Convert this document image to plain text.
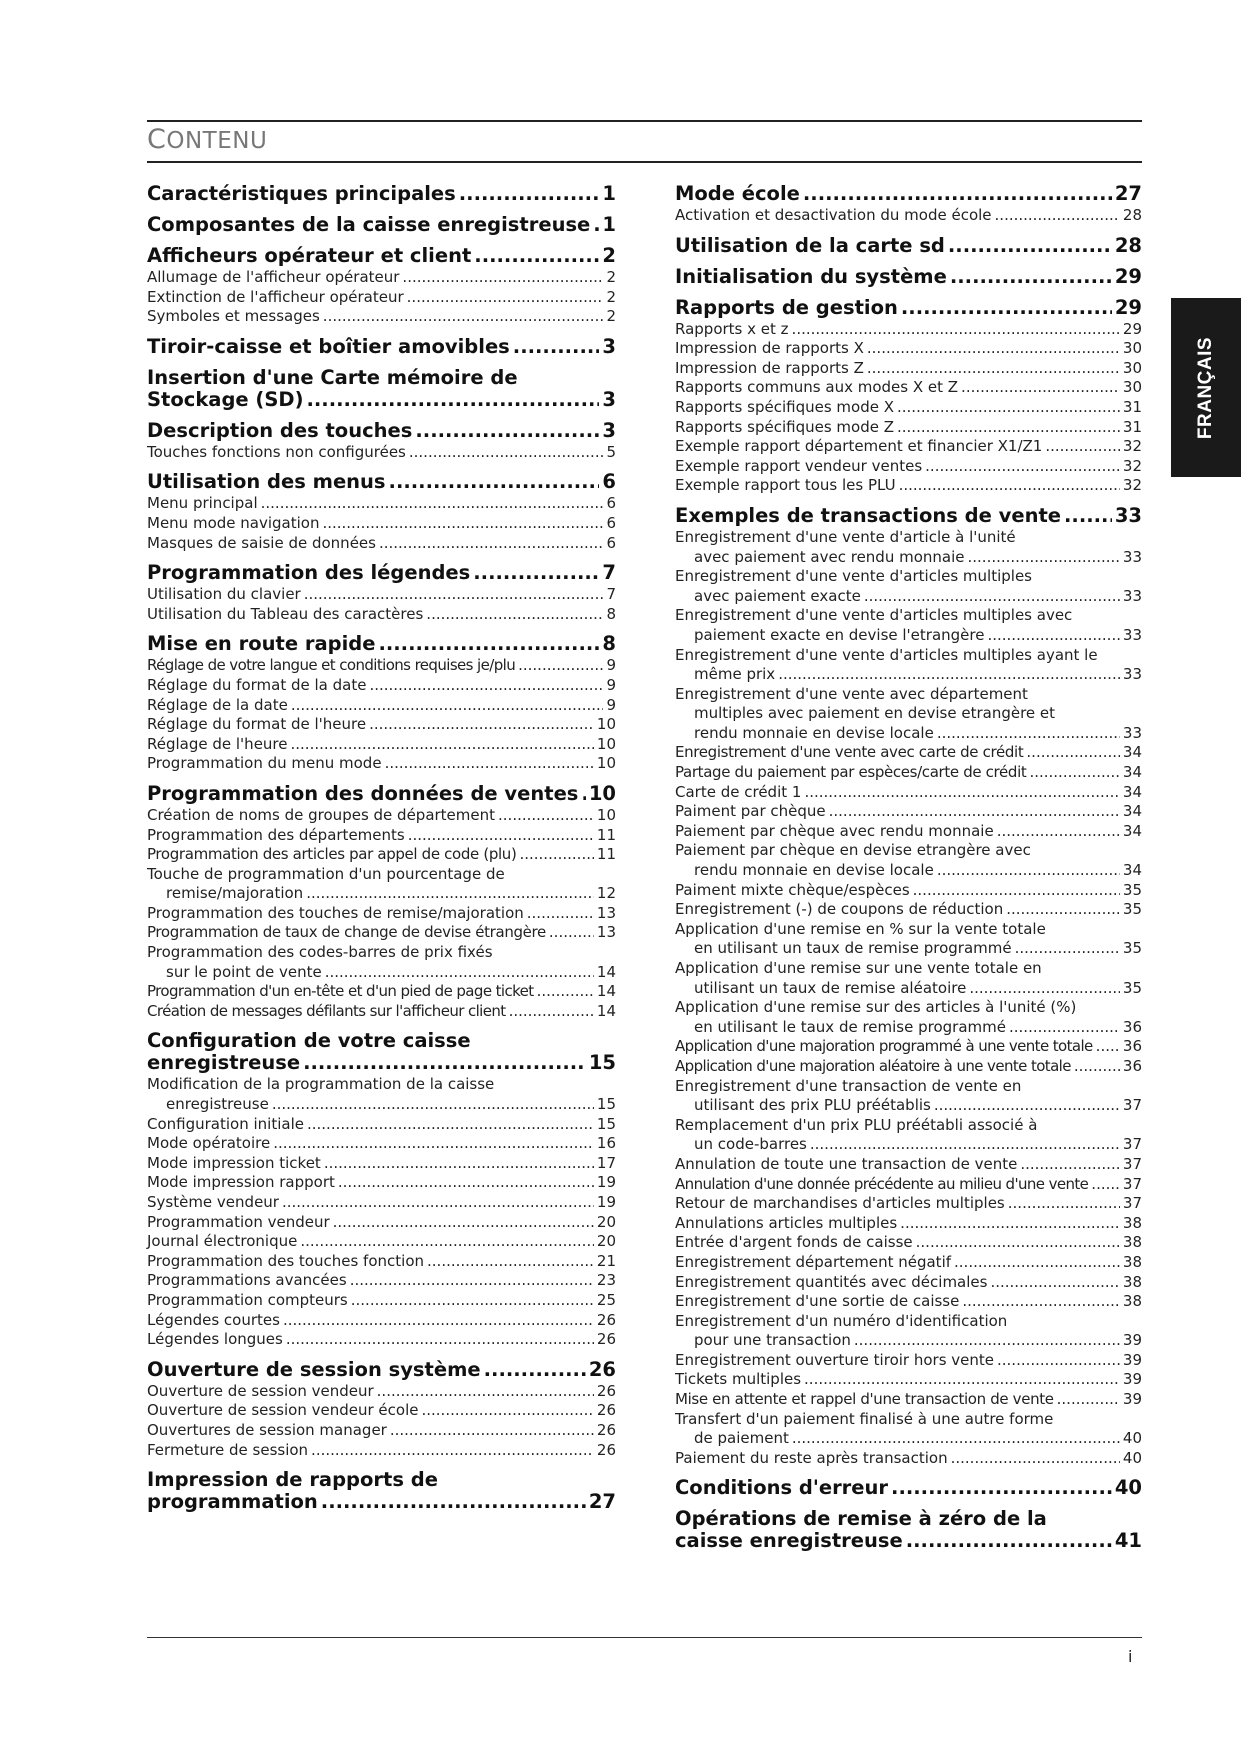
CONTENU
FRANÇAIS
Caractéristiques principales .....	1
Composantes de la caisse enregistreuse ..... 1
Afficheurs opérateur et client .....	2
Allumage de l'afficheur opérateur .....	2
Extinction de l'afficheur opérateur .....	2
Symboles et messages .....	2
Tiroir-caisse et boîtier amovibles .....	3
Insertion d'une Carte mémoire de
Stockage (SD) .....	3
Description des touches .....	3
Touches fonctions non configurées .....	5
Utilisation des menus .....	6
Menu principal .....	6
Menu mode navigation .....	6
Masques de saisie de données .....	6
Programmation des légendes .....	7
Utilisation du clavier .....	7
Utilisation du Tableau des caractères .....	8
Mise en route rapide .....	8
Réglage de votre langue et conditions requises je/plu .....	9
Réglage du format de la date .....	9
Réglage de la date .....	9
Réglage du format de l'heure .....	10
Réglage de l'heure .....	10
Programmation du menu mode .....	10
Programmation des données de ventes ..... 10
Création de noms de groupes de département .....	10
Programmation des départements .....	11
Programmation des articles par appel de code (plu) .....	11
Touche de programmation d'un pourcentage de
remise/majoration .....	12
Programmation des touches de remise/majoration .....	13
Programmation de taux de change de devise étrangère .....	13
Programmation des codes-barres de prix fixés
sur le point de vente .....	14
Programmation d'un en-tête et d'un pied de page ticket .....	14
Création de messages défilants sur l'afficheur client .....	14
Configuration de votre caisse
enregistreuse .....	15
Modification de la programmation de la caisse
enregistreuse .....	15
Configuration initiale .....	15
Mode opératoire .....	16
Mode impression ticket .....	17
Mode impression rapport .....	19
Système vendeur .....	19
Programmation vendeur .....	20
Journal électronique .....	20
Programmation des touches fonction .....	21
Programmations avancées .....	23
Programmation compteurs .....	25
Légendes courtes .....	26
Légendes longues .....	26
Ouverture de session système .....	26
Ouverture de session vendeur .....	26
Ouverture de session vendeur école .....	26
Ouvertures de session manager .....	26
Fermeture de session .....	26
Impression de rapports de
programmation .....	27
Mode école .....	27
Activation et desactivation du mode école .....	28
Utilisation de la carte sd .....	28
Initialisation du système .....	29
Rapports de gestion .....	29
Rapports x et z .....	29
Impression de rapports X .....	30
Impression de rapports Z .....	30
Rapports communs aux modes X et Z .....	30
Rapports spécifiques mode X .....	31
Rapports spécifiques mode Z .....	31
Exemple rapport département et financier X1/Z1 .....	32
Exemple rapport vendeur ventes .....	32
Exemple rapport tous les PLU .....	32
Exemples de transactions de vente .....	33
Enregistrement d'une vente d'article à l'unité
avec paiement avec rendu monnaie .....	33
Enregistrement d'une vente d'articles multiples
avec paiement exacte .....	33
Enregistrement d'une vente d'articles multiples avec
paiement exacte en devise l'etrangère .....	33
Enregistrement d'une vente d'articles multiples ayant le
même prix .....	33
Enregistrement d'une vente avec département
multiples avec paiement en devise etrangère et
rendu monnaie en devise locale .....	33
Enregistrement d'une vente avec carte de crédit .....	34
Partage du paiement par espèces/carte de crédit .....	34
Carte de crédit 1 .....	34
Paiment par chèque .....	34
Paiement par chèque avec rendu monnaie .....	34
Paiement par chèque en devise etrangère avec
rendu monnaie en devise locale .....	34
Paiment mixte chèque/espèces .....	35
Enregistrement (-) de coupons de réduction .....	35
Application d'une remise en % sur la vente totale
en utilisant un taux de remise programmé .....	35
Application d'une remise sur une vente totale en
utilisant un taux de remise aléatoire .....	35
Application d'une remise sur des articles à l'unité (%)
en utilisant le taux de remise programmé .....	36
Application d'une majoration programmé à une vente totale ..... 36
Application d'une majoration aléatoire à une vente totale .....	36
Enregistrement d'une transaction de vente en
utilisant des prix PLU préétablis .....	37
Remplacement d'un prix PLU préétabli associé à
un code-barres .....	37
Annulation de toute une transaction de vente .....	37
Annulation d'une donnée précédente au milieu d'une vente ..... 37
Retour de marchandises d'articles multiples .....	37
Annulations articles multiples .....	38
Entrée d'argent fonds de caisse .....	38
Enregistrement département négatif .....	38
Enregistrement quantités avec décimales .....	38
Enregistrement d'une sortie de caisse .....	38
Enregistrement d'un numéro d'identification
pour une transaction .....	39
Enregistrement ouverture tiroir hors vente .....	39
Tickets multiples .....	39
Mise en attente et rappel d'une transaction de vente .....	39
Transfert d'un paiement finalisé à une autre forme
de paiement .....	40
Paiement du reste après transaction .....	40
Conditions d'erreur .....	40
Opérations de remise à zéro de la
caisse enregistreuse .....	41
i
